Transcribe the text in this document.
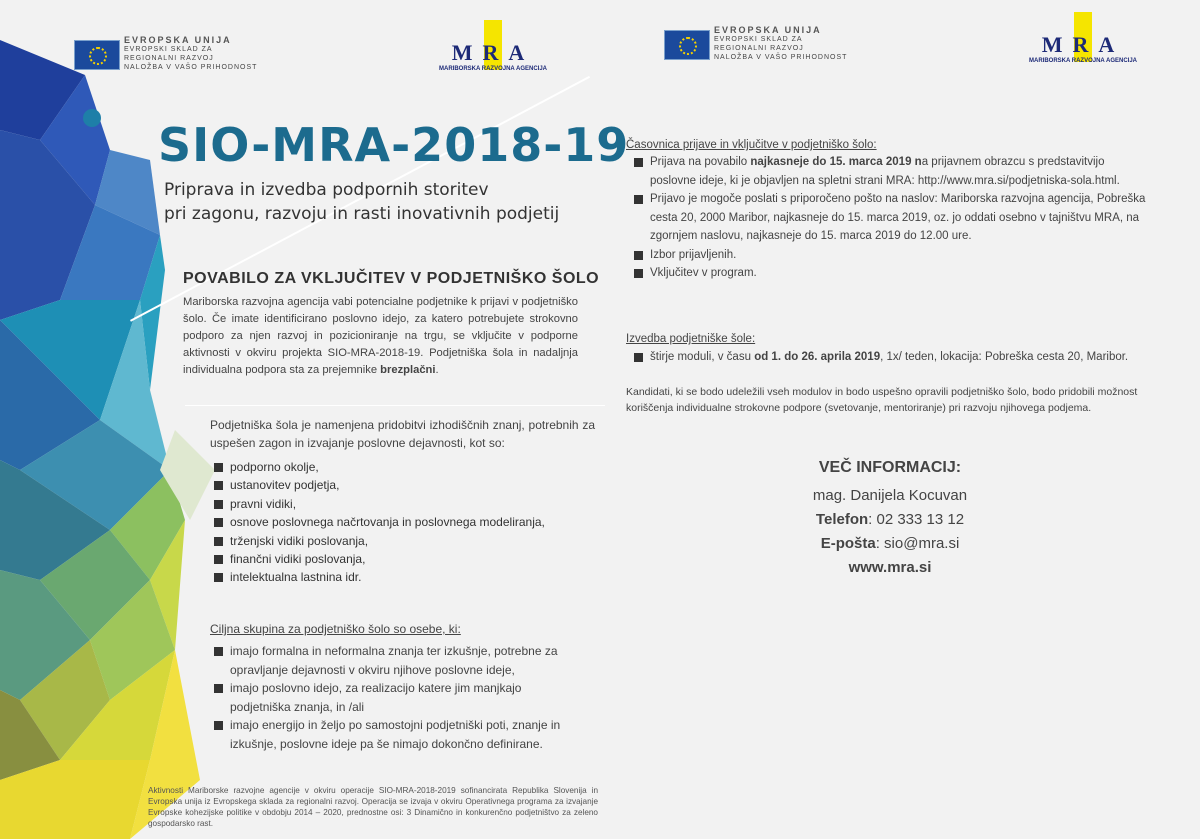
EVROPSKA UNIJA
EVROPSKI SKLAD ZA
REGIONALNI RAZVOJ
NALOŽBA V VAŠO PRIHODNOST
MRA
MARIBORSKA RAZVOJNA AGENCIJA
EVROPSKA UNIJA
EVROPSKI SKLAD ZA
REGIONALNI RAZVOJ
NALOŽBA V VAŠO PRIHODNOST
MRA
MARIBORSKA RAZVOJNA AGENCIJA
SIO-MRA-2018-19
Priprava in izvedba podpornih storitev
pri zagonu, razvoju in rasti inovativnih podjetij
POVABILO ZA VKLJUČITEV V PODJETNIŠKO ŠOLO

Mariborska razvojna agencija vabi potencialne podjetnike k prijavi v podjetniško šolo. Če imate identificirano poslovno idejo, za katero potrebujete strokovno podporo za njen razvoj in pozicioniranje na trgu, se vključite v podporne aktivnosti v okviru projekta SIO-MRA-2018-19. Podjetniška šola in nadaljnja individualna podpora sta za prejemnike brezplačni.

Podjetniška šola je namenjena pridobitvi izhodiščnih znanj, potrebnih za uspešen zagon in izvajanje poslovne dejavnosti, kot so:

podporno okolje,
ustanovitev podjetja,
pravni vidiki,
osnove poslovnega načrtovanja in poslovnega modeliranja,
trženjski vidiki poslovanja,
finančni vidiki poslovanja,
intelektualna lastnina idr.
Ciljna skupina za podjetniško šolo so osebe, ki:
imajo formalna in neformalna znanja ter izkušnje, potrebne za opravljanje dejavnosti v okviru njihove poslovne ideje,
imajo poslovno idejo, za realizacijo katere jim manjkajo podjetniška znanja, in /ali
imajo energijo in željo po samostojni podjetniški poti, znanje in izkušnje, poslovne ideje pa še nimajo dokončno definirane.

Aktivnosti Mariborske razvojne agencije v okviru operacije SIO-MRA-2018-2019 sofinancirata Republika Slovenija in Evropska unija iz Evropskega sklada za regionalni razvoj. Operacija se izvaja v okviru Operativnega programa za izvajanje Evropske kohezijske politike v obdobju 2014 – 2020, prednostne osi: 3 Dinamično in konkurenčno podjetništvo za zeleno gospodarsko rast.

Časovnica prijave in vključitve v podjetniško šolo:
Prijava na povabilo najkasneje do 15. marca 2019 na prijavnem obrazcu s predstavitvijo poslovne ideje, ki je objavljen na spletni strani MRA: http://www.mra.si/podjetniska-sola.html.
Prijavo je mogoče poslati s priporočeno pošto na naslov: Mariborska razvojna agencija, Pobreška cesta 20, 2000 Maribor, najkasneje do 15. marca 2019, oz. jo oddati osebno v tajništvu MRA, na zgornjem naslovu, najkasneje do 15. marca 2019 do 12.00 ure.
Izbor prijavljenih.
Vključitev v program.
Izvedba podjetniške šole:
štirje moduli, v času od 1. do 26. aprila 2019, 1x/ teden, lokacija: Pobreška cesta 20, Maribor.

Kandidati, ki se bodo udeležili vseh modulov in bodo uspešno opravili podjetniško šolo, bodo pridobili možnost koriščenja individualne strokovne podpore (svetovanje, mentoriranje) pri razvoju njihovega podjema.

VEČ INFORMACIJ:
mag. Danijela Kocuvan
Telefon: 02 333 13 12
E-pošta: sio@mra.si
www.mra.si
